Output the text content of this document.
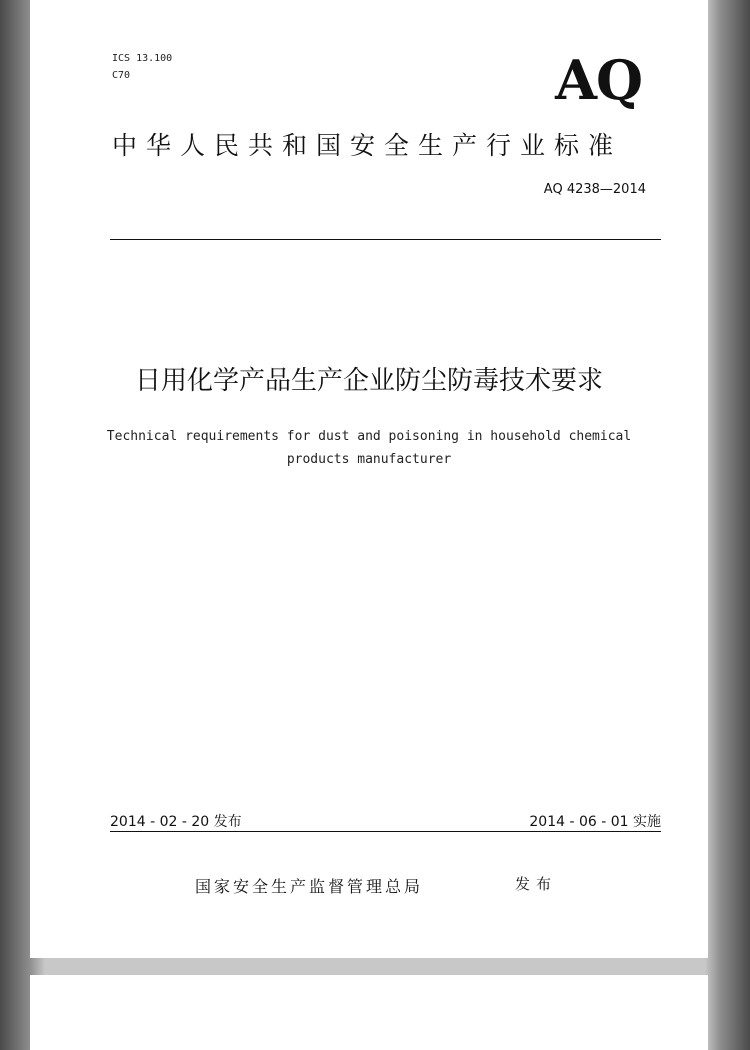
ICS 13.100
C70	AQ
中华人民共和国安全生产行业标准
AQ 4238—2014
日用化学产品生产企业防尘防毒技术要求
Technical requirements for dust and poisoning in household chemical
products manufacturer
2014 - 02 - 20 发布	2014 - 06 - 01 实施
国家安全生产监督管理总局	发布
